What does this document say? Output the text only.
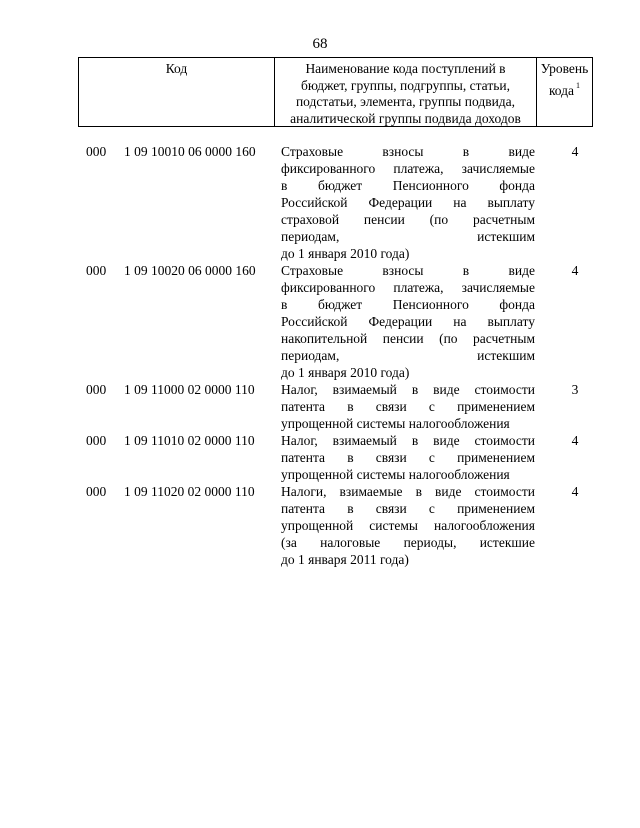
68
Код	Наименование кода поступлений в
бюджет, группы, подгруппы, статьи,
подстатьи, элемента, группы подвида,
аналитической группы подвида доходов
Уровень
кода $^1$
000 1 09 10010 06 0000 160 Страховые взносы в виде
фиксированного платежа, зачисляемые
в бюджет Пенсионного фонда
Российской Федерации на выплату
страховой пенсии (по расчетным
периодам, истекшим
до 1 января 2010 года)
4
000 1 09 10020 06 0000 160 Страховые взносы в виде
фиксированного платежа, зачисляемые
в бюджет Пенсионного фонда
Российской Федерации на выплату
накопительной пенсии (по расчетным
периодам, истекшим
до 1 января 2010 года)
4
000 1 09 11000 02 0000 110 Налог, взимаемый в виде стоимости
патента в связи с применением
упрощенной системы налогообложения
3
000 1 09 11010 02 0000 110 Налог, взимаемый в виде стоимости
патента в связи с применением
упрощенной системы налогообложения
4
000 1 09 11020 02 0000 110 Налоги, взимаемые в виде стоимости
патента в связи с применением
упрощенной системы налогообложения
(за налоговые периоды, истекшие
до 1 января 2011 года)
4
